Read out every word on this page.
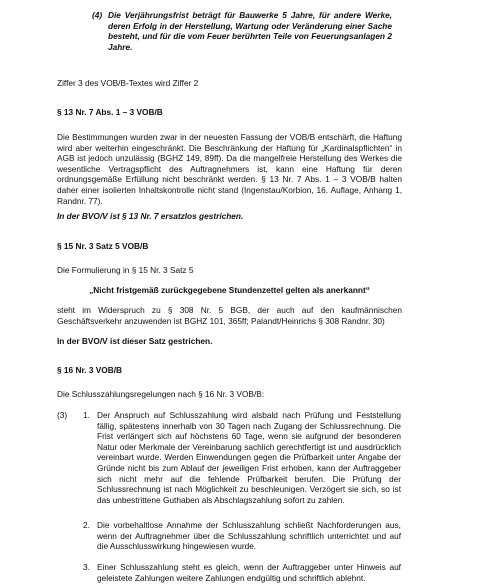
(4) Die Verjährungsfrist beträgt für Bauwerke 5 Jahre, für andere Werke, deren Erfolg in der Herstellung, Wartung oder Veränderung einer Sache besteht, und für die vom Feuer berührten Teile von Feuerungsanlagen 2 Jahre.

Ziffer 3 des VOB/B-Textes wird Ziffer 2

§ 13 Nr. 7 Abs. 1 – 3 VOB/B

Die Bestimmungen wurden zwar in der neuesten Fassung der VOB/B entschärft, die Haftung wird aber weiterhin eingeschränkt. Die Beschränkung der Haftung für „Kardinalspflichten“ in AGB ist jedoch unzulässig (BGHZ 149, 89ff). Da die mangelfreie Herstellung des Werkes die wesentliche Vertragspflicht des Auftragnehmers ist, kann eine Haftung für deren ordnungsgemäße Erfüllung nicht beschränkt werden. § 13 Nr. 7 Abs. 1 – 3 VOB/B halten daher einer isolierten Inhaltskontrolle nicht stand (Ingenstau/Korbion, 16. Auflage, Anhang 1, Randnr. 77).

In der BVO/V ist § 13 Nr. 7 ersatzlos gestrichen.

§ 15 Nr. 3 Satz 5 VOB/B

Die Formulierung in § 15 Nr. 3 Satz 5

„Nicht fristgemäß zurückgegebene Stundenzettel gelten als anerkannt“

steht im Widerspruch zu § 308 Nr. 5 BGB, der auch auf den kaufmännischen Geschäftsverkehr anzuwenden ist BGHZ 101, 365ff; Palandt/Heinrichs § 308 Randnr. 30)

In der BVO/V ist dieser Satz gestrichen.

§ 16 Nr. 3 VOB/B

Die Schlusszahlungsregelungen nach § 16 Nr. 3 VOB/B:

(3) 1. Der Anspruch auf Schlusszahlung wird alsbald nach Prüfung und Feststellung fällig, spätestens innerhalb von 30 Tagen nach Zugang der Schlussrechnung. Die Frist verlängert sich auf höchstens 60 Tage, wenn sie aufgrund der besonderen Natur oder Merkmale der Vereinbarung sachlich gerechtfertigt ist und ausdrücklich vereinbart wurde. Werden Einwendungen gegen die Prüfbarkeit unter Angabe der Gründe nicht bis zum Ablauf der jeweiligen Frist erhoben, kann der Auftraggeber sich nicht mehr auf die fehlende Prüfbarkeit berufen. Die Prüfung der Schlussrechnung ist nach Möglichkeit zu beschleunigen. Verzögert sie sich, so ist das unbestrittene Guthaben als Abschlagszahlung sofort zu zahlen.
2. Die vorbehaltlose Annahme der Schlusszahlung schließt Nachforderungen aus, wenn der Auftragnehmer über die Schlusszahlung schriftlich unterrichtet und auf die Ausschlusswirkung hingewiesen wurde.
3. Einer Schlusszahlung steht es gleich, wenn der Auftraggeber unter Hinweis auf geleistete Zahlungen weitere Zahlungen endgültig und schriftlich ablehnt.
